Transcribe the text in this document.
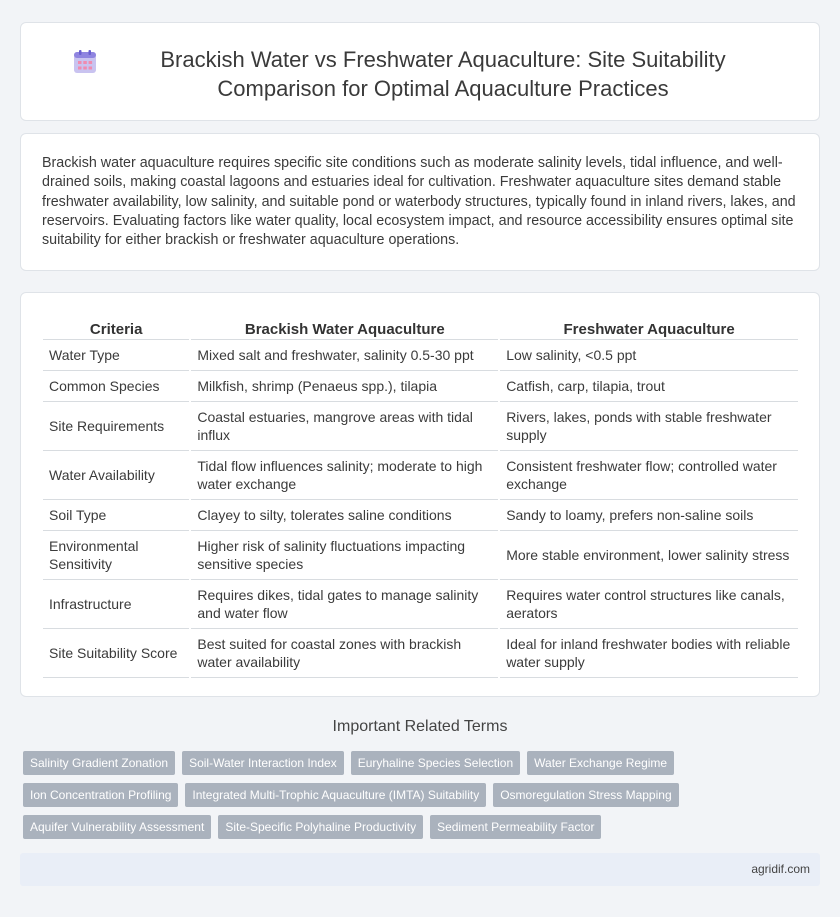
Brackish Water vs Freshwater Aquaculture: Site Suitability Comparison for Optimal Aquaculture Practices

Brackish water aquaculture requires specific site conditions such as moderate salinity levels, tidal influence, and well-drained soils, making coastal lagoons and estuaries ideal for cultivation. Freshwater aquaculture sites demand stable freshwater availability, low salinity, and suitable pond or waterbody structures, typically found in inland rivers, lakes, and reservoirs. Evaluating factors like water quality, local ecosystem impact, and resource accessibility ensures optimal site suitability for either brackish or freshwater aquaculture operations.

Criteria	Brackish Water Aquaculture	Freshwater Aquaculture
Water Type	Mixed salt and freshwater, salinity 0.5-30 ppt	Low salinity, <0.5 ppt
Common Species	Milkfish, shrimp (Penaeus spp.), tilapia	Catfish, carp, tilapia, trout
Site Requirements	Coastal estuaries, mangrove areas with tidal influx	Rivers, lakes, ponds with stable freshwater supply
Water Availability	Tidal flow influences salinity; moderate to high water exchange	Consistent freshwater flow; controlled water exchange
Soil Type	Clayey to silty, tolerates saline conditions	Sandy to loamy, prefers non-saline soils
Environmental Sensitivity	Higher risk of salinity fluctuations impacting sensitive species	More stable environment, lower salinity stress
Infrastructure	Requires dikes, tidal gates to manage salinity and water flow	Requires water control structures like canals, aerators
Site Suitability Score	Best suited for coastal zones with brackish water availability	Ideal for inland freshwater bodies with reliable water supply
Important Related Terms
Salinity Gradient Zonation	Soil-Water Interaction Index	Euryhaline Species Selection	Water Exchange Regime
Ion Concentration Profiling	Integrated Multi-Trophic Aquaculture (IMTA) Suitability	Osmoregulation Stress Mapping
Aquifer Vulnerability Assessment	Site-Specific Polyhaline Productivity	Sediment Permeability Factor
agridif.com
